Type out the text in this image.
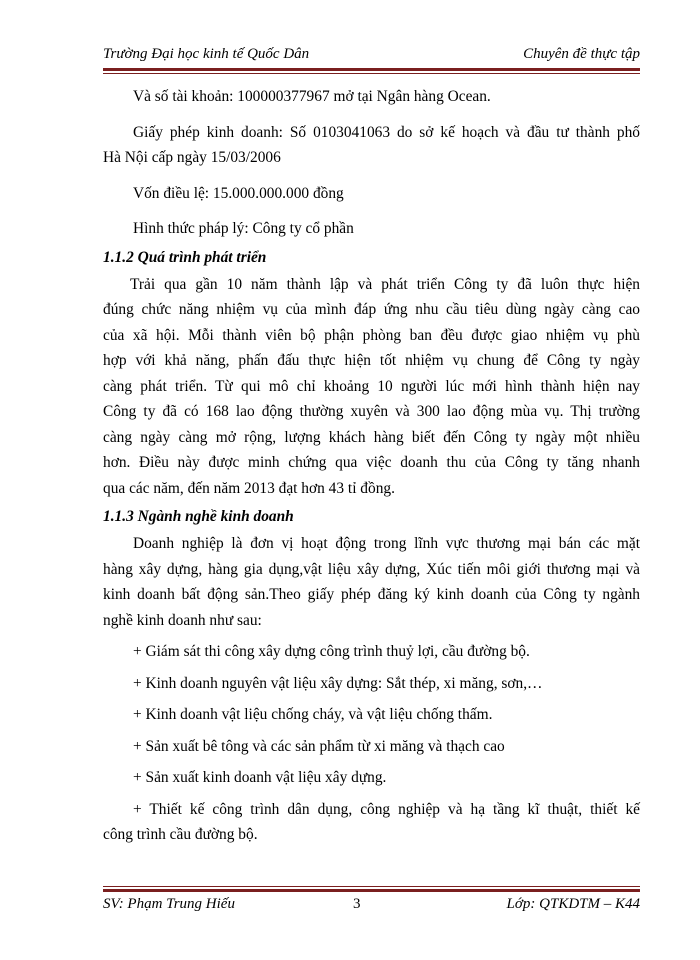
Trường Đại học kinh tế Quốc Dân	Chuyên đề thực tập

Và số tài khoản: 100000377967 mở tại Ngân hàng Ocean.

Giấy phép kinh doanh: Số 0103041063 do sở kế hoạch và đầu tư thành phố
Hà Nội cấp ngày 15/03/2006

Vốn điều lệ: 15.000.000.000 đồng

Hình thức pháp lý: Công ty cổ phần

1.1.2 Quá trình phát triển

Trải qua gần 10 năm thành lập và phát triển Công ty đã luôn thực hiện
đúng chức năng nhiệm vụ của mình đáp ứng nhu cầu tiêu dùng ngày càng cao
của xã hội. Mỗi thành viên bộ phận phòng ban đều được giao nhiệm vụ phù
hợp với khả năng, phấn đấu thực hiện tốt nhiệm vụ chung để Công ty ngày
càng phát triển. Từ qui mô chỉ khoảng 10 người lúc mới hình thành hiện nay
Công ty đã có 168 lao động thường xuyên và 300 lao động mùa vụ. Thị trường
càng ngày càng mở rộng, lượng khách hàng biết đến Công ty ngày một nhiều
hơn. Điều này được minh chứng qua việc doanh thu của Công ty tăng nhanh
qua các năm, đến năm 2013 đạt hơn 43 tỉ đồng.

1.1.3 Ngành nghề kinh doanh

Doanh nghiệp là đơn vị hoạt động trong lĩnh vực thương mại bán các mặt
hàng xây dựng, hàng gia dụng,vật liệu xây dựng, Xúc tiến môi giới thương mại và
kinh doanh bất động sản.Theo giấy phép đăng ký kinh doanh của Công ty ngành
nghề kinh doanh như sau:

+ Giám sát thi công xây dựng công trình thuỷ lợi, cầu đường bộ.

+ Kinh doanh nguyên vật liệu xây dựng: Sắt thép, xi măng, sơn,…

+ Kinh doanh vật liệu chống cháy, và vật liệu chống thấm.

+ Sản xuất bê tông và các sản phẩm từ xi măng và thạch cao

+ Sản xuất kinh doanh vật liệu xây dựng.

+ Thiết kế công trình dân dụng, công nghiệp và hạ tầng kĩ thuật, thiết kế
công trình cầu đường bộ.

SV: Phạm Trung Hiếu	3	Lớp: QTKDTM – K44
